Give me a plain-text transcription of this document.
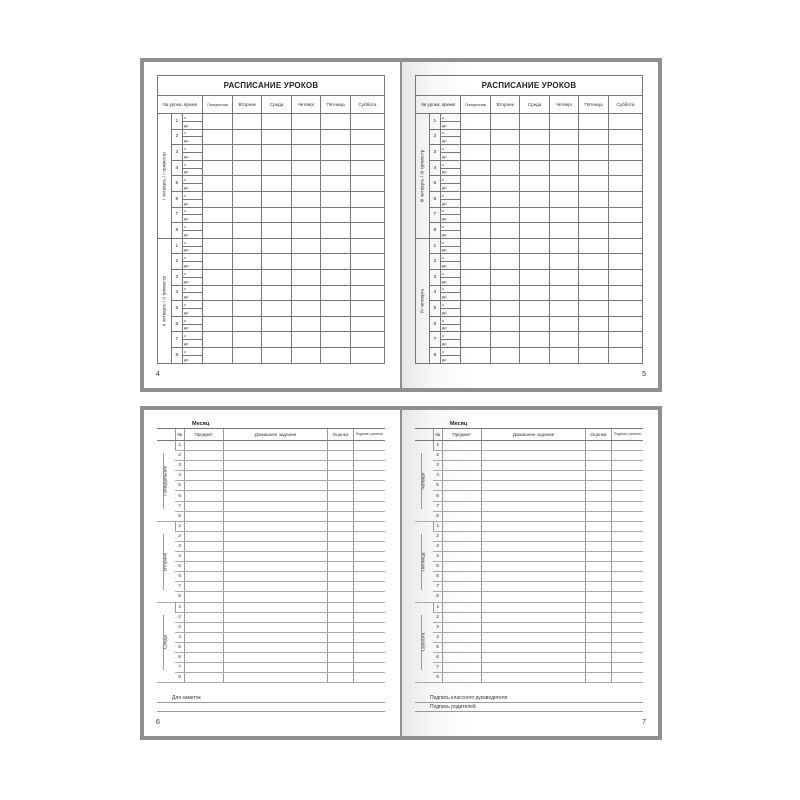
РАСПИСАНИЕ УРОКОВ								
№ урока, время			Понедельник	Вторник	Среда	Четверг	Пятница	Суббота

I четверть / I триместр	1	с						
		до						
	2	с						
		до						
	3	с						
		до						
	4	с						
		до						
	5	с						
		до						
	6	с						
		до						
	7	с						
		до						
	8	с						
		до						

II четверть / II триместр	1	с						
		до						
	2	с						
		до						
	3	с						
		до						
	4	с						
		до						
	5	с						
		до						
	6	с						
		до						
	7	с						
		до						
	8	с						
		до						
4
РАСПИСАНИЕ УРОКОВ								
№ урока, время			Понедельник	Вторник	Среда	Четверг	Пятница	Суббота

III четверть / III триместр	1	с						
		до						
	2	с						
		до						
	3	с						
		до						
	4	с						
		до						
	5	с						
		до						
	6	с						
		до						
	7	с						
		до						
	8	с						
		до						

IV четверть	1	с						
		до						
	2	с						
		до						
	3	с						
		до						
	4	с						
		до						
	5	с						
		до						
	6	с						
		до						
	7	с						
		до						
	8	с						
		до						
5
Месяц
	№	Предмет	Домашнее задание	Оценка	Подпись учителя

Понедельник	1				
	2				
	3				
	4				
	5				
	6				
	7				
	8				

Вторник	1				
	2				
	3				
	4				
	5				
	6				
	7				
	8				

Среда	1				
	2				
	3				
	4				
	5				
	6				
	7				
	8				
Для заметок
6
Месяц
	№	Предмет	Домашнее задание	Оценка	Подпись учителя

Четверг	1				
	2				
	3				
	4				
	5				
	6				
	7				
	8				

Пятница	1				
	2				
	3				
	4				
	5				
	6				
	7				
	8				

Суббота	1				
	2				
	3				
	4				
	5				
	6				
	7				
	8				
Подпись классного руководителя
Подпись родителей
7
